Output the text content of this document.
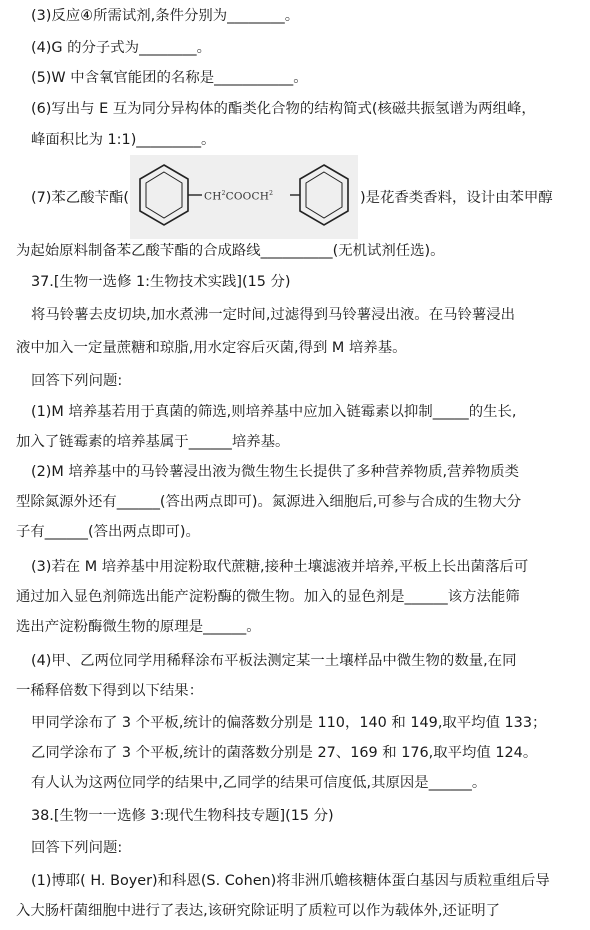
(3)反应④所需试剂,条件分别为________。
(4)G 的分子式为________。
(5)W 中含氧官能团的名称是___________。
(6)写出与 E 互为同分异构体的酯类化合物的结构简式(核磁共振氢谱为两组峰，
峰面积比为 1:1)_________。
(7)苯乙酸苄酯(	$CH^2COOCH^2$	)是花香类香料，设计由苯甲醇
为起始原料制备苯乙酸苄酯的合成路线__________(无机试剂任选)。
37.[生物一选修 1:生物技术实践](15 分)
将马铃薯去皮切块,加水煮沸一定时间,过滤得到马铃薯浸出液。在马铃薯浸出
液中加入一定量蔗糖和琼脂,用水定容后灭菌,得到 M 培养基。
回答下列问题:
(1)M 培养基若用于真菌的筛选,则培养基中应加入链霉素以抑制_____的生长,
加入了链霉素的培养基属于______培养基。
(2)M 培养基中的马铃薯浸出液为微生物生长提供了多种营养物质,营养物质类
型除氮源外还有______(答出两点即可)。氮源进入细胞后,可参与合成的生物大分
子有______(答出两点即可)。
(3)若在 M 培养基中用淀粉取代蔗糖,接种土壤滤液并培养,平板上长出菌落后可
通过加入显色剂筛选出能产淀粉酶的微生物。加入的显色剂是______该方法能筛
选出产淀粉酶微生物的原理是______。
(4)甲、乙两位同学用稀释涂布平板法测定某一土壤样品中微生物的数量,在同
一稀释倍数下得到以下结果：
甲同学涂布了 3 个平板,统计的偏落数分别是 110，140 和 149,取平均值 133；
乙同学涂布了 3 个平板,统计的菌落数分别是 27、169 和 176,取平均值 124。
有人认为这两位同学的结果中,乙同学的结果可信度低,其原因是______。
38.[生物一一选修 3:现代生物科技专题](15 分)
回答下列问题:
(1)博耶( H. Boyer)和科恩(S. Cohen)将非洲爪蟾核糖体蛋白基因与质粒重组后导
入大肠杆菌细胞中进行了表达,该研究除证明了质粒可以作为载体外,还证明了
